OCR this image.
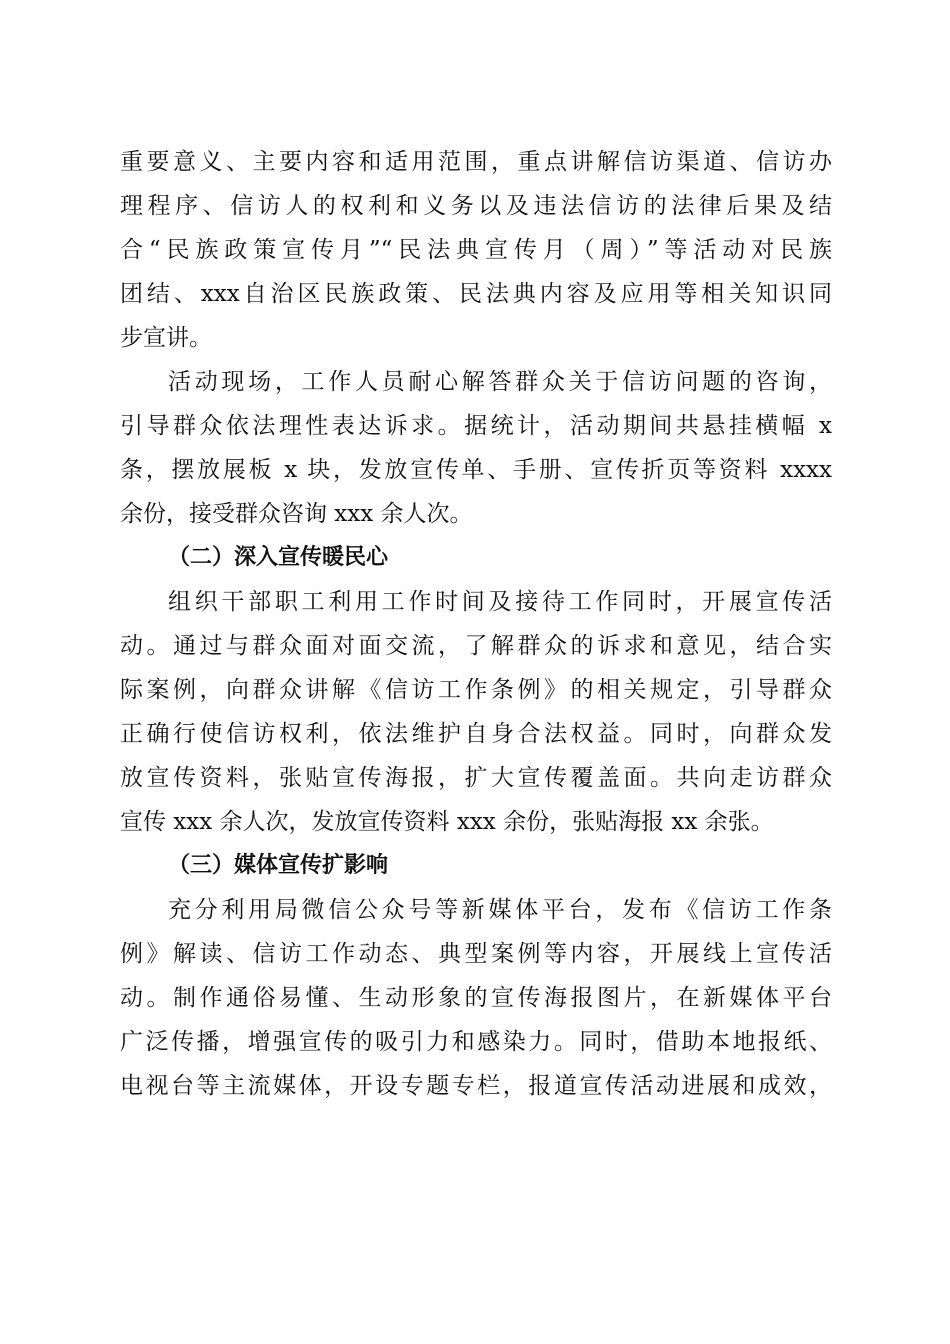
重要意义、主要内容和适用范围，重点讲解信访渠道、信访办
理程序、信访人的权利和义务以及违法信访的法律后果及结
合“民族政策宣传月”“民法典宣传月（周）”等活动对民族
团结、xxx自治区民族政策、民法典内容及应用等相关知识同
步宣讲。
活动现场，工作人员耐心解答群众关于信访问题的咨询，
引导群众依法理性表达诉求。据统计，活动期间共悬挂横幅 x
条，摆放展板 x 块，发放宣传单、手册、宣传折页等资料 xxxx
余份，接受群众咨询 xxx 余人次。
（二）深入宣传暖民心
组织干部职工利用工作时间及接待工作同时，开展宣传活
动。通过与群众面对面交流，了解群众的诉求和意见，结合实
际案例，向群众讲解《信访工作条例》的相关规定，引导群众
正确行使信访权利，依法维护自身合法权益。同时，向群众发
放宣传资料，张贴宣传海报，扩大宣传覆盖面。共向走访群众
宣传 xxx 余人次，发放宣传资料 xxx 余份，张贴海报 xx 余张。
（三）媒体宣传扩影响
充分利用局微信公众号等新媒体平台，发布《信访工作条
例》解读、信访工作动态、典型案例等内容，开展线上宣传活
动。制作通俗易懂、生动形象的宣传海报图片，在新媒体平台
广泛传播，增强宣传的吸引力和感染力。同时，借助本地报纸、
电视台等主流媒体，开设专题专栏，报道宣传活动进展和成效，
